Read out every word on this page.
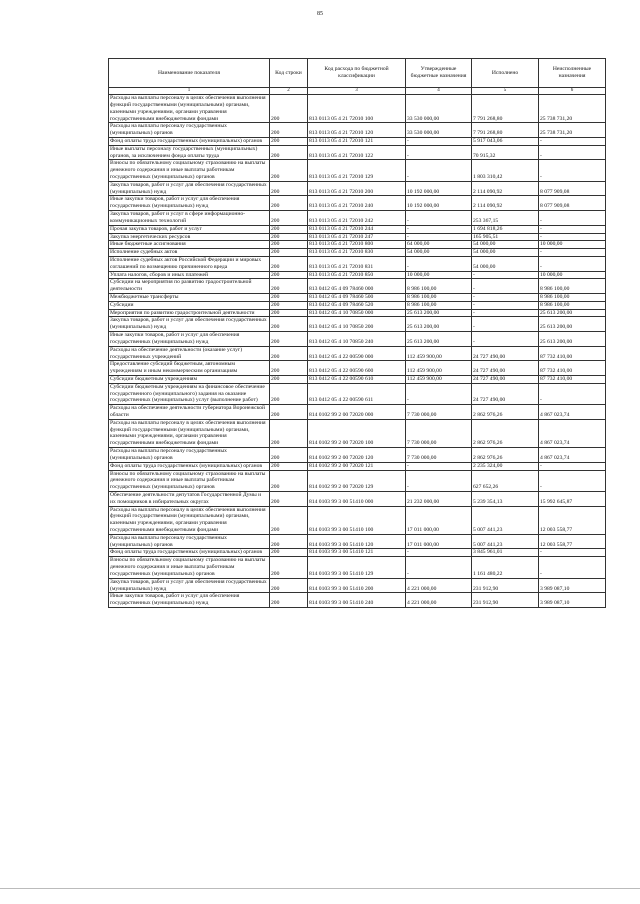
85
Наименование показателя	Код строки	Код расхода по бюджетной классификации	Утвержденные бюджетные назначения	Исполнено	Неисполненные назначения
1	2	3	4	5	6
Расходы на выплаты персоналу в целях обеспечения выполнения функций государственными (муниципальными) органами, казенными учреждениями, органами управления государственными внебюджетными фондами	200	813 0113 05 4 21 72010 100	33 530 000,00	7 791 268,80	25 738 731,20
Расходы на выплаты персоналу государственных (муниципальных) органов	200	813 0113 05 4 21 72010 120	33 530 000,00	7 791 268,80	25 738 731,20
Фонд оплаты труда государственных (муниципальных) органов	200	813 0113 05 4 21 72010 121	-	5 917 043,06	-
Иные выплаты персоналу государственных (муниципальных) органов, за исключением фонда оплаты труда	200	813 0113 05 4 21 72010 122	-	70 915,32	-
Взносы по обязательному социальному страхованию на выплаты денежного содержания и иные выплаты работникам государственных (муниципальных) органов	200	813 0113 05 4 21 72010 129	-	1 803 310,42	-
Закупка товаров, работ и услуг для обеспечения государственных (муниципальных) нужд	200	813 0113 05 4 21 72010 200	10 192 000,00	2 114 090,92	8 077 909,08
Иные закупки товаров, работ и услуг для обеспечения государственных (муниципальных) нужд	200	813 0113 05 4 21 72010 240	10 192 000,00	2 114 090,92	8 077 909,08
Закупка товаров, работ и услуг в сфере информационно-коммуникационных технологий	200	813 0113 05 4 21 72010 242	-	253 367,15	-
Прочая закупка товаров, работ и услуг	200	813 0113 05 4 21 72010 244	-	1 694 818,26	-
Закупка энергетических ресурсов	200	813 0113 05 4 21 72010 247	-	165 905,51	-
Иные бюджетные ассигнования	200	813 0113 05 4 21 72010 800	64 000,00	54 000,00	10 000,00
Исполнение судебных актов	200	813 0113 05 4 21 72010 830	54 000,00	54 000,00	-
Исполнение судебных актов Российской Федерации и мировых соглашений по возмещению причиненного вреда	200	813 0113 05 4 21 72010 831	-	54 000,00	-
Уплата налогов, сборов и иных платежей	200	813 0113 05 4 21 72010 850	10 000,00	-	10 000,00
Субсидии на мероприятия по развитию градостроительной деятельности	200	813 0412 05 4 09 78460 000	8 986 100,00	-	8 986 100,00
Межбюджетные трансферты	200	813 0412 05 4 09 78460 500	8 986 100,00	-	8 986 100,00
Субсидии	200	813 0412 05 4 09 78460 520	8 986 100,00	-	8 986 100,00
Мероприятия по развитию градостроительной деятельности	200	813 0412 05 4 10 70850 000	25 613 200,00	-	25 613 200,00
Закупка товаров, работ и услуг для обеспечения государственных (муниципальных) нужд	200	813 0412 05 4 10 70850 200	25 613 200,00	-	25 613 200,00
Иные закупки товаров, работ и услуг для обеспечения государственных (муниципальных) нужд	200	813 0412 05 4 10 70850 240	25 613 200,00	-	25 613 200,00
Расходы на обеспечение деятельности (оказание услуг) государственных учреждений	200	813 0412 05 4 22 00590 000	112 459 900,00	24 727 490,00	87 732 410,00
Предоставление субсидий бюджетным, автономным учреждениям и иным некоммерческим организациям	200	813 0412 05 4 22 00590 600	112 459 900,00	24 727 490,00	87 732 410,00
Субсидии бюджетным учреждениям	200	813 0412 05 4 22 00590 610	112 459 900,00	24 727 490,00	87 732 410,00
Субсидии бюджетным учреждениям на финансовое обеспечение государственного (муниципального) задания на оказание государственных (муниципальных) услуг (выполнение работ)	200	813 0412 05 4 22 00590 611	-	24 727 490,00	-
Расходы на обеспечение деятельности губернатора Воронежской области	200	814 0102 99 2 00 72020 000	7 730 000,00	2 862 976,26	4 867 023,74
Расходы на выплаты персоналу в целях обеспечения выполнения функций государственными (муниципальными) органами, казенными учреждениями, органами управления государственными внебюджетными фондами	200	814 0102 99 2 00 72020 100	7 730 000,00	2 862 976,26	4 867 023,74
Расходы на выплаты персоналу государственных (муниципальных) органов	200	814 0102 99 2 00 72020 120	7 730 000,00	2 862 976,26	4 867 023,74
Фонд оплаты труда государственных (муниципальных) органов	200	814 0102 99 2 00 72020 121	-	2 235 324,00	-
Взносы по обязательному социальному страхованию на выплаты денежного содержания и иные выплаты работникам государственных (муниципальных) органов	200	814 0102 99 2 00 72020 129	-	627 652,26	-
Обеспечение деятельности депутатов Государственной Думы и их помощников в избирательных округах	200	814 0103 99 3 00 51410 000	21 232 000,00	5 239 354,13	15 992 645,87
Расходы на выплаты персоналу в целях обеспечения выполнения функций государственными (муниципальными) органами, казенными учреждениями, органами управления государственными внебюджетными фондами	200	814 0103 99 3 00 51410 100	17 011 000,00	5 007 441,23	12 003 558,77
Расходы на выплаты персоналу государственных (муниципальных) органов	200	814 0103 99 3 00 51410 120	17 011 000,00	5 007 441,23	12 003 558,77
Фонд оплаты труда государственных (муниципальных) органов	200	814 0103 99 3 00 51410 121	-	3 845 961,01	-
Взносы по обязательному социальному страхованию на выплаты денежного содержания и иные выплаты работникам государственных (муниципальных) органов	200	814 0103 99 3 00 51410 129	-	1 161 480,22	-
Закупка товаров, работ и услуг для обеспечения государственных (муниципальных) нужд	200	814 0103 99 3 00 51410 200	4 221 000,00	231 912,90	3 989 087,10
Иные закупки товаров, работ и услуг для обеспечения государственных (муниципальных) нужд	200	814 0103 99 3 00 51410 240	4 221 000,00	231 912,90	3 989 087,10
